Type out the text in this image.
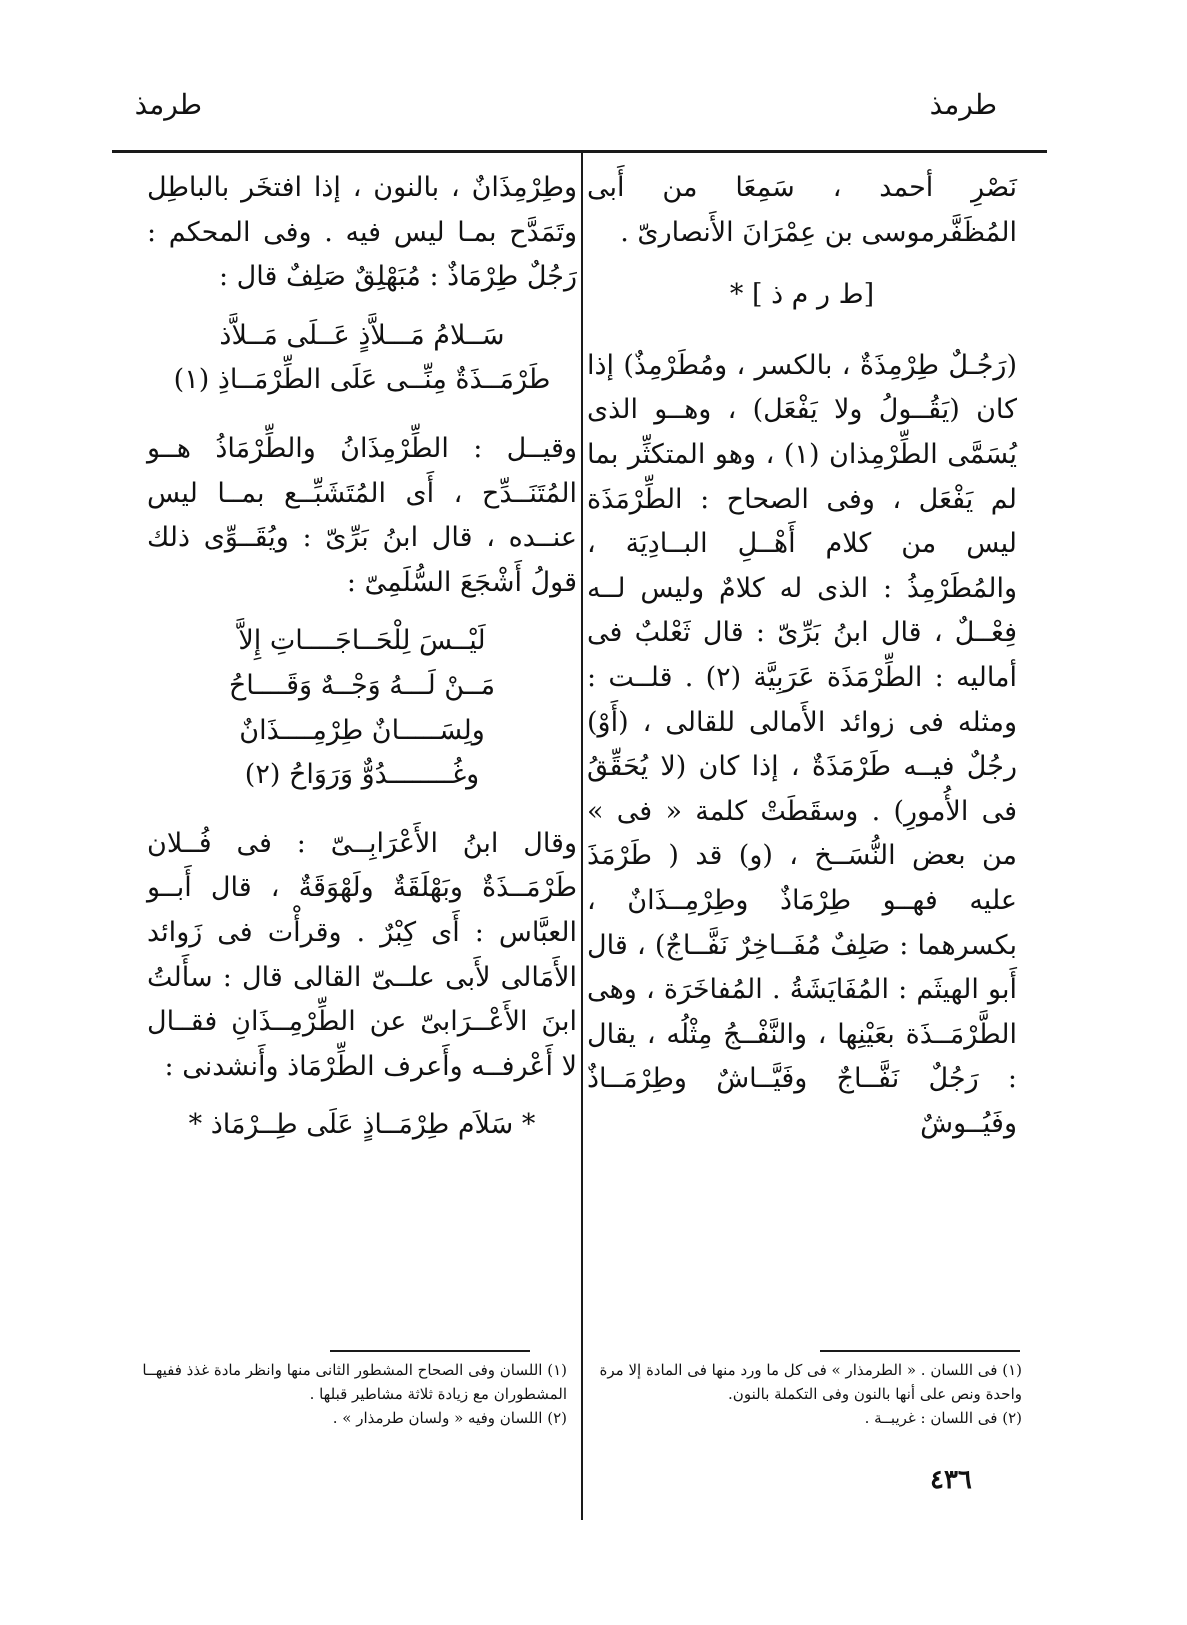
طرمذ
طرمذ

نَصْرِ أحمد ، سَمِعَا من أَبى المُظَفَّرموسى بن عِمْرَانَ الأَنصارىّ .

[ط ر م ذ ] *

(رَجُـلٌ طِرْمِذَةٌ ، بالكسر ، ومُطَرْمِذٌ) إذا كان (يَقُــولُ ولا يَفْعَل) ، وهــو الذى يُسَمَّى الطِّرْمِذان (١) ، وهو المتكثِّر بما لم يَفْعَل ، وفى الصحاح : الطِّرْمَذَة ليس من كلام أَهْــلِ البــادِيَة ، والمُطَرْمِذُ : الذى له كلامٌ وليس لــه فِعْــلٌ ، قال ابنُ بَرِّىّ : قال ثَعْلبٌ فى أماليه : الطِّرْمَذَة عَرَبِيَّة (٢) . قلــت : ومثله فى زوائد الأَمالى للقالى ، (أَوْ) رجُلٌ فيــه طَرْمَذَةٌ ، إذا كان (لا يُحَقِّقُ فى الأُمورِ) . وسقَطَتْ كلمة « فى » من بعض النُّسَــخ ، (و) قد ( طَرْمَذَ عليه فهــو طِرْمَاذٌ وطِرْمِــذَانٌ ، بكسرهما : صَلِفٌ مُفَــاخِرٌ نَفَّــاجٌ) ، قال أَبو الهيثَم : المُفَايَشَةُ . المُفاخَرَة ، وهى الطَّرْمَــذَة بعَيْنِها ، والنَّفْــجُ مِثْلُه ، يقال : رَجُلٌ نَفَّــاجٌ وفَيَّــاشٌ وطِرْمَــاذٌ وفَيُــوشٌ

وطِرْمِذَانٌ ، بالنون ، إذا افتخَر بالباطِل وتَمَدَّح بمـا ليس فيه . وفى المحكم : رَجُلٌ طِرْمَاذٌ : مُبَهْلِقٌ صَلِفٌ قال :

سَــلامُ مَـــلاَّذٍ عَــلَى مَــلاَّذ
طَرْمَــذَةٌ مِنِّــى عَلَى الطِّرْمَــاذِ (١)

وقيــل : الطِّرْمِذَانُ والطِّرْمَاذُ هــو المُتَنَــدِّح ، أَى المُتَشَبِّــع بمــا ليس عنــده ، قال ابنُ بَرِّىّ : ويُقَــوِّى ذلك قولُ أَشْجَعَ السُّلَمِىّ :

لَيْــسَ لِلْحَــاجَــــاتِ إِلاَّ
مَــنْ لَـــهُ وَجْــهٌ وَقَــــاحُ
ولِسَـــــانٌ طِرْمِــــذَانٌ
وغُــــــــدُوٌّ وَرَوَاحُ (٢)

وقال ابنُ الأَعْرَابِــىّ : فى فُــلان طَرْمَــذَةٌ وبَهْلَقَةٌ ولَهْوَقَةٌ ، قال أَبــو العبَّاس : أَى كِبْرٌ . وقرأْت فى زَوائد الأَمَالى لأَبى علــىّ القالى قال : سأَلتُ ابنَ الأَعْــرَابىّ عن الطِّرْمِــذَانِ فقــال لا أَعْرفــه وأَعرف الطِّرْمَاذ وأَنشدنى :

* سَلاَم طِرْمَــاذٍ عَلَى طِــرْمَاذ *

(١) فى اللسان . « الطرمذار » فى كل ما ورد منها فى المادة إلا مرة واحدة ونص على أنها بالنون وفى التكملة بالنون.

(٢) فى اللسان : غريبــة .

(١) اللسان وفى الصحاح المشطور الثانى منها وانظر مادة غذذ ففيهــا المشطوران مع زيادة ثلاثة مشاطير قبلها .

(٢) اللسان وفيه « ولسان طرمذار » .

٤٣٦
